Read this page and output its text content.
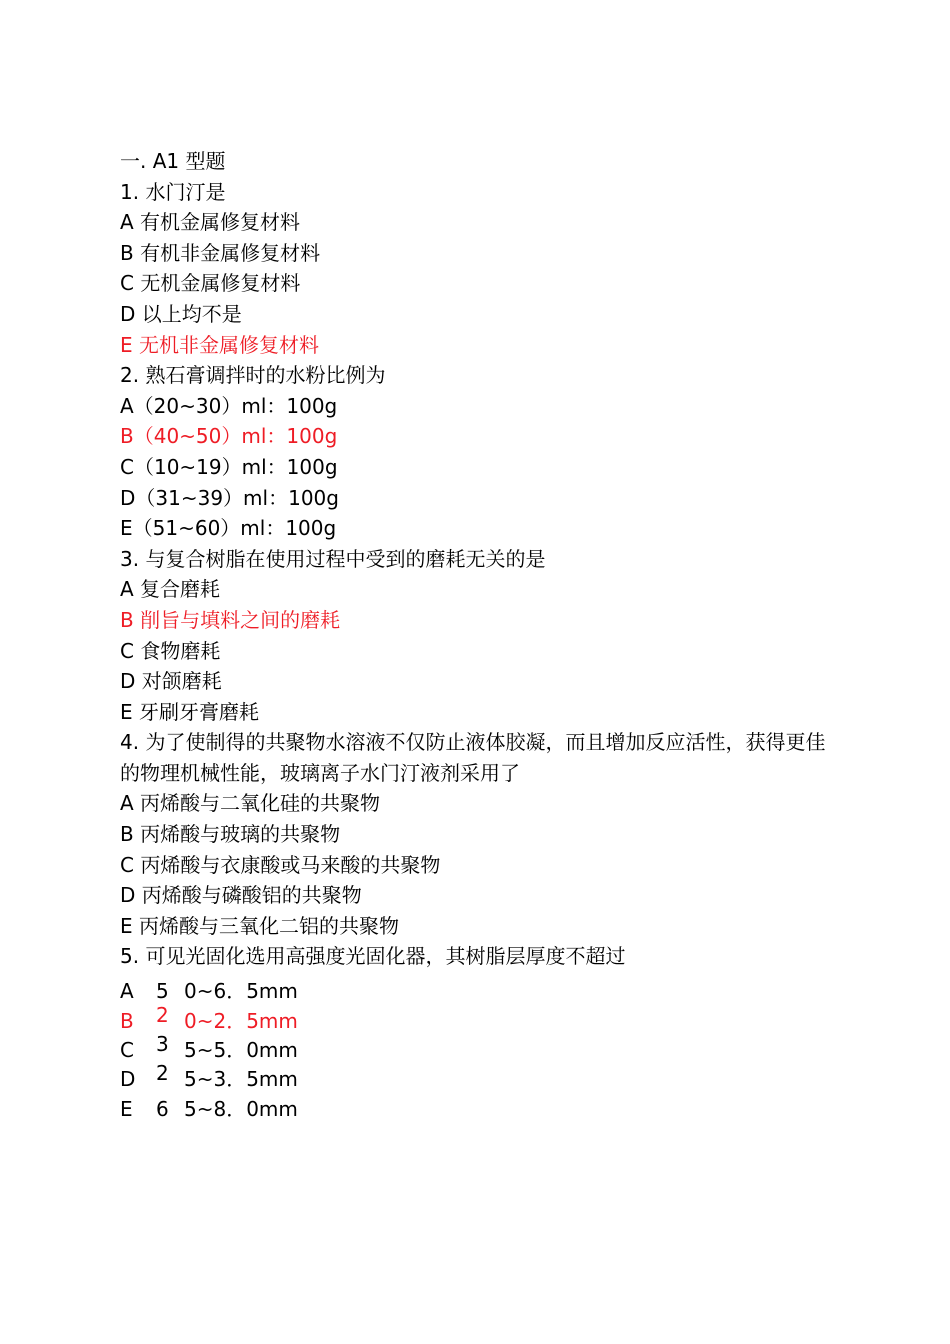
一. A1 型题
1. 水门汀是
A 有机金属修复材料
B 有机非金属修复材料
C 无机金属修复材料
D 以上均不是
E 无机非金属修复材料
2. 熟石膏调拌时的水粉比例为
A（20~30）ml：100g
B（40~50）ml：100g
C（10~19）ml：100g
D（31~39）ml：100g
E（51~60）ml：100g
3. 与复合树脂在使用过程中受到的磨耗无关的是
A 复合磨耗
B 削旨与填料之间的磨耗
C 食物磨耗
D 对颌磨耗
E 牙刷牙膏磨耗
4. 为了使制得的共聚物水溶液不仅防止液体胶凝，而且增加反应活性，获得更佳的物理机械性能，玻璃离子水门汀液剂采用了
A 丙烯酸与二氧化硅的共聚物
B 丙烯酸与玻璃的共聚物
C 丙烯酸与衣康酸或马来酸的共聚物
D 丙烯酸与磷酸铝的共聚物
E 丙烯酸与三氧化二铝的共聚物
5. 可见光固化选用高强度光固化器，其树脂层厚度不超过
A 5 0~6．5mm
B 2 0~2．5mm
C 3 5~5．0mm
D 2 5~3．5mm
E 6 5~8．0mm
